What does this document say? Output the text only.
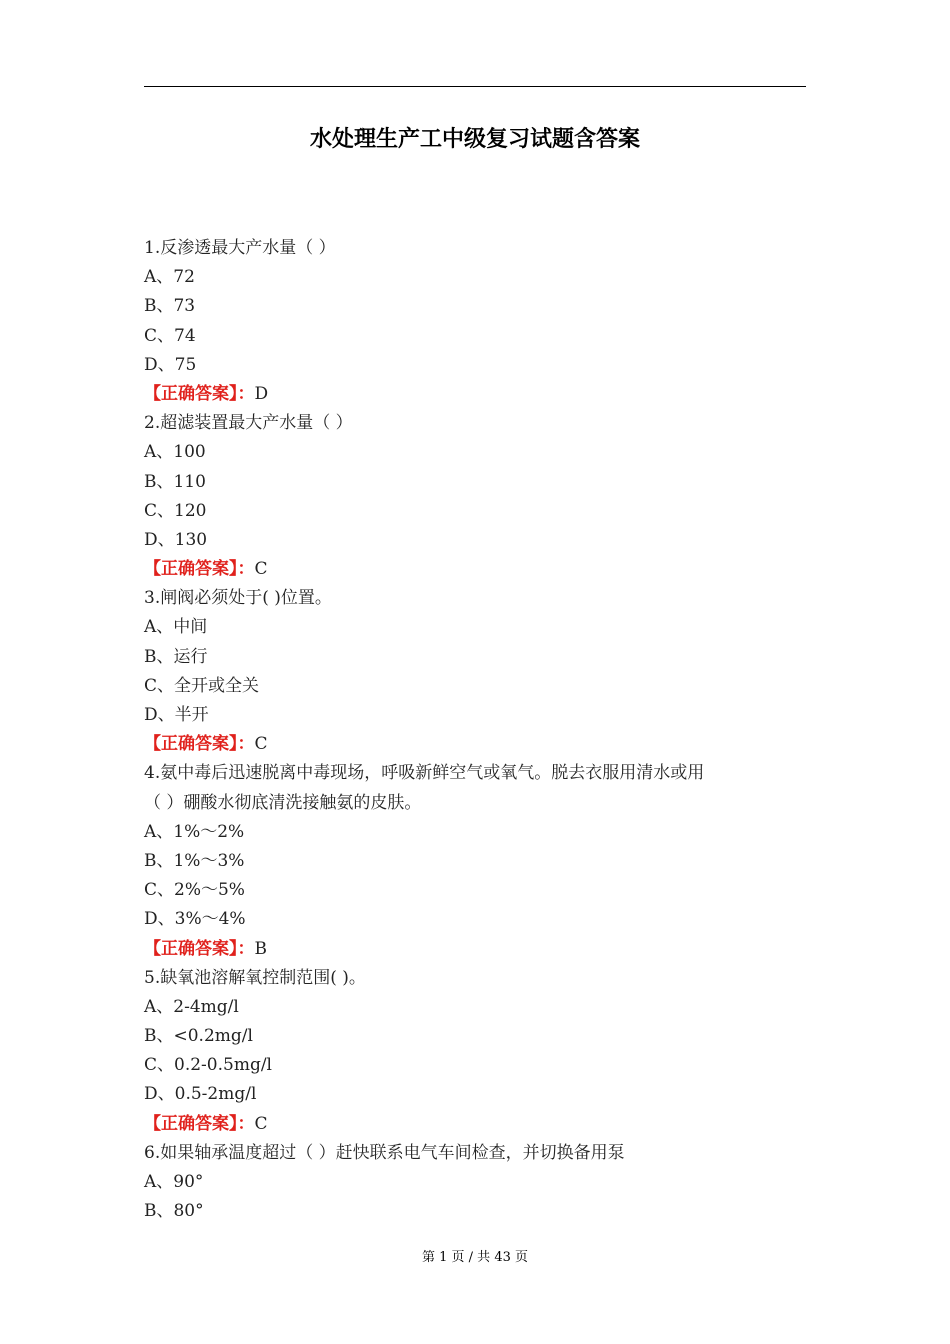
水处理生产工中级复习试题含答案
1.反渗透最大产水量（ ）
A、72
B、73
C、74
D、75
【正确答案】：D
2.超滤装置最大产水量（ ）
A、100
B、110
C、120
D、130
【正确答案】：C
3.闸阀必须处于( )位置。
A、中间
B、运行
C、全开或全关
D、半开
【正确答案】：C
4.氨中毒后迅速脱离中毒现场，呼吸新鲜空气或氧气。脱去衣服用清水或用
（ ）硼酸水彻底清洗接触氨的皮肤。
A、1%～2%
B、1%～3%
C、2%～5%
D、3%～4%
【正确答案】：B
5.缺氧池溶解氧控制范围( )。
A、2-4mg/l
B、<0.2mg/l
C、0.2-0.5mg/l
D、0.5-2mg/l
【正确答案】：C
6.如果轴承温度超过（ ）赶快联系电气车间检查，并切换备用泵
A、90°
B、80°
第 1 页 / 共 43 页
